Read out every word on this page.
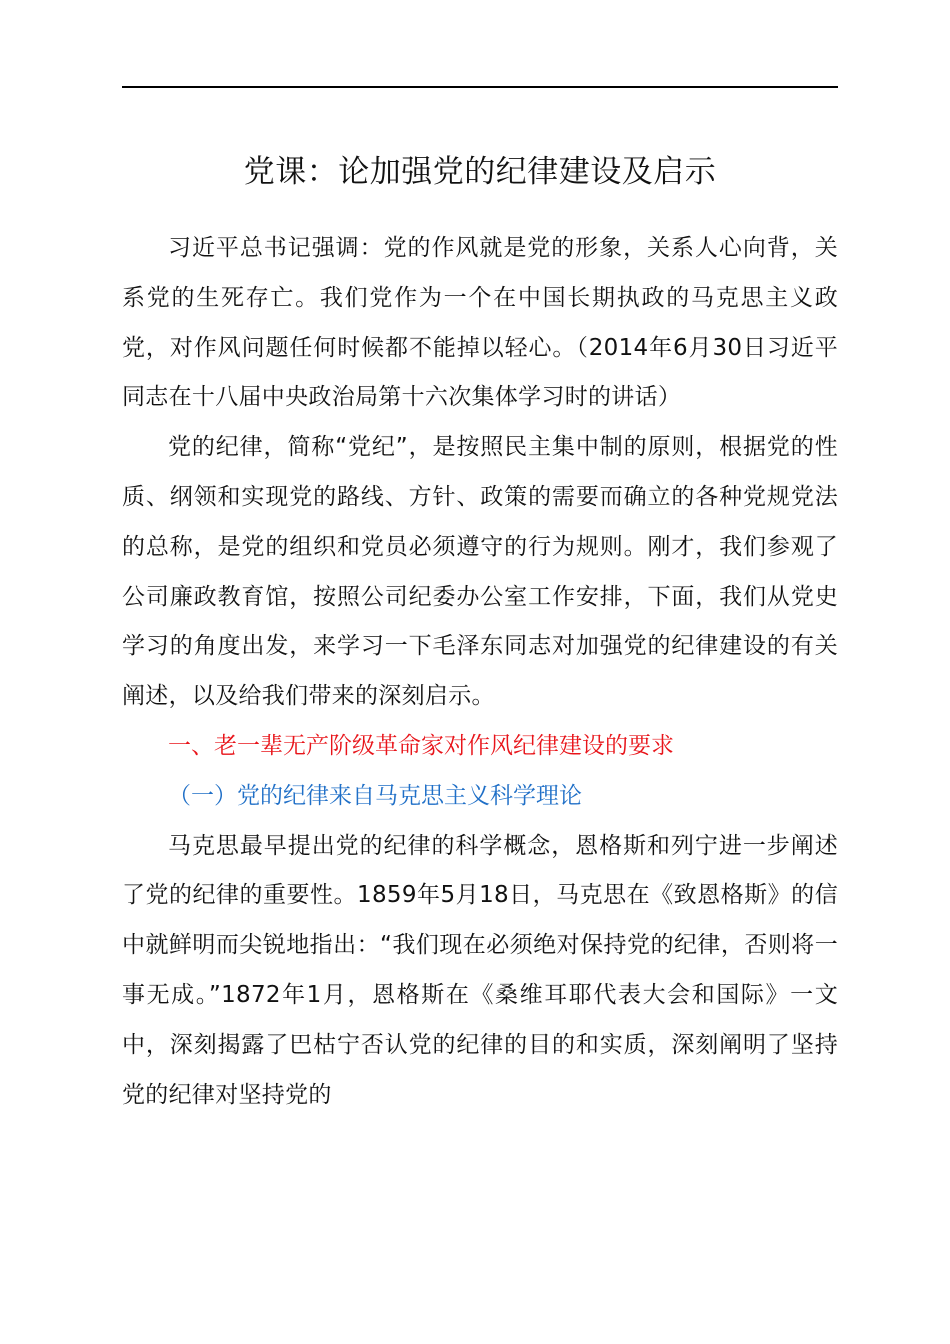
党课：论加强党的纪律建设及启示

习近平总书记强调：党的作风就是党的形象，关系人心向背，关系党的生死存亡。我们党作为一个在中国长期执政的马克思主义政党，对作风问题任何时候都不能掉以轻心。（2014年6月30日习近平同志在十八届中央政治局第十六次集体学习时的讲话）

党的纪律，简称“党纪”，是按照民主集中制的原则，根据党的性质、纲领和实现党的路线、方针、政策的需要而确立的各种党规党法的总称，是党的组织和党员必须遵守的行为规则。刚才，我们参观了公司廉政教育馆，按照公司纪委办公室工作安排，下面，我们从党史学习的角度出发，来学习一下毛泽东同志对加强党的纪律建设的有关阐述，以及给我们带来的深刻启示。

一、老一辈无产阶级革命家对作风纪律建设的要求

（一）党的纪律来自马克思主义科学理论

马克思最早提出党的纪律的科学概念，恩格斯和列宁进一步阐述了党的纪律的重要性。1859年5月18日，马克思在《致恩格斯》的信中就鲜明而尖锐地指出：“我们现在必须绝对保持党的纪律，否则将一事无成。”1872年1月，恩格斯在《桑维耳耶代表大会和国际》一文中，深刻揭露了巴枯宁否认党的纪律的目的和实质，深刻阐明了坚持党的纪律对坚持党的
